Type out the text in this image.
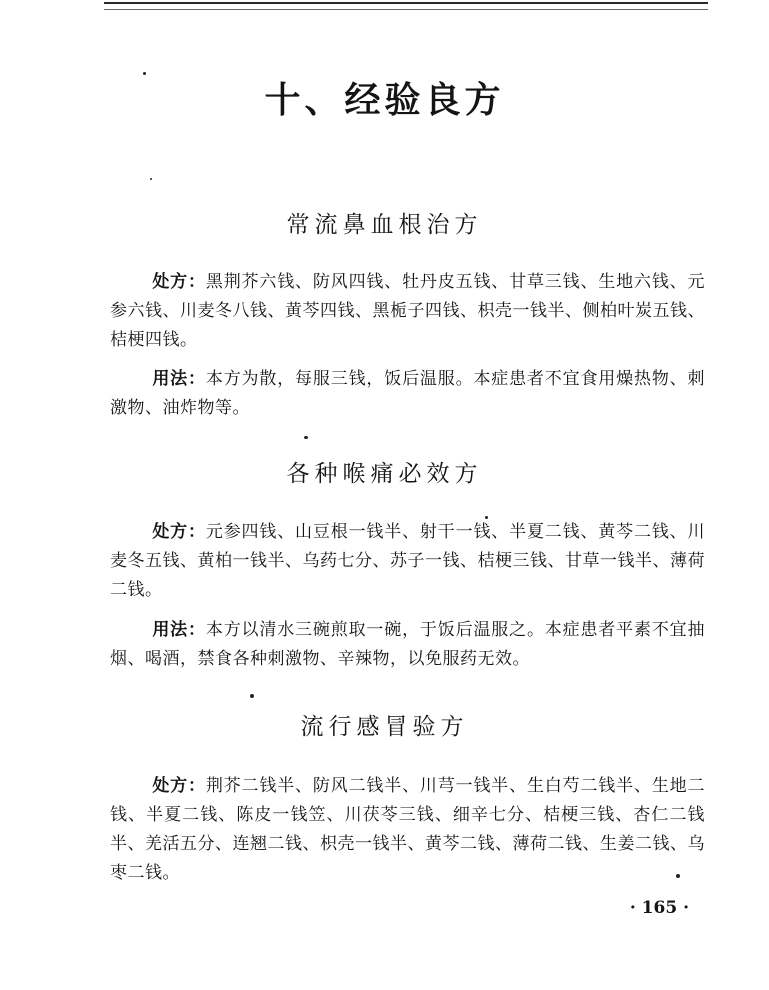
十、经验良方
常流鼻血根治方

处方：黑荆芥六钱、防风四钱、牡丹皮五钱、甘草三钱、生地六钱、元参六钱、川麦冬八钱、黄芩四钱、黑栀子四钱、枳壳一钱半、侧柏叶炭五钱、桔梗四钱。

用法：本方为散，每服三钱，饭后温服。本症患者不宜食用燥热物、刺激物、油炸物等。

各种喉痛必效方

处方：元参四钱、山豆根一钱半、射干一钱、半夏二钱、黄芩二钱、川麦冬五钱、黄柏一钱半、乌药七分、苏子一钱、桔梗三钱、甘草一钱半、薄荷二钱。

用法：本方以清水三碗煎取一碗，于饭后温服之。本症患者平素不宜抽烟、喝酒，禁食各种刺激物、辛辣物，以免服药无效。

流行感冒验方

处方：荆芥二钱半、防风二钱半、川芎一钱半、生白芍二钱半、生地二钱、半夏二钱、陈皮一钱笠、川茯苓三钱、细辛七分、桔梗三钱、杏仁二钱半、羌活五分、连翘二钱、枳壳一钱半、黄芩二钱、薄荷二钱、生姜二钱、乌枣二钱。

· 165 ·
